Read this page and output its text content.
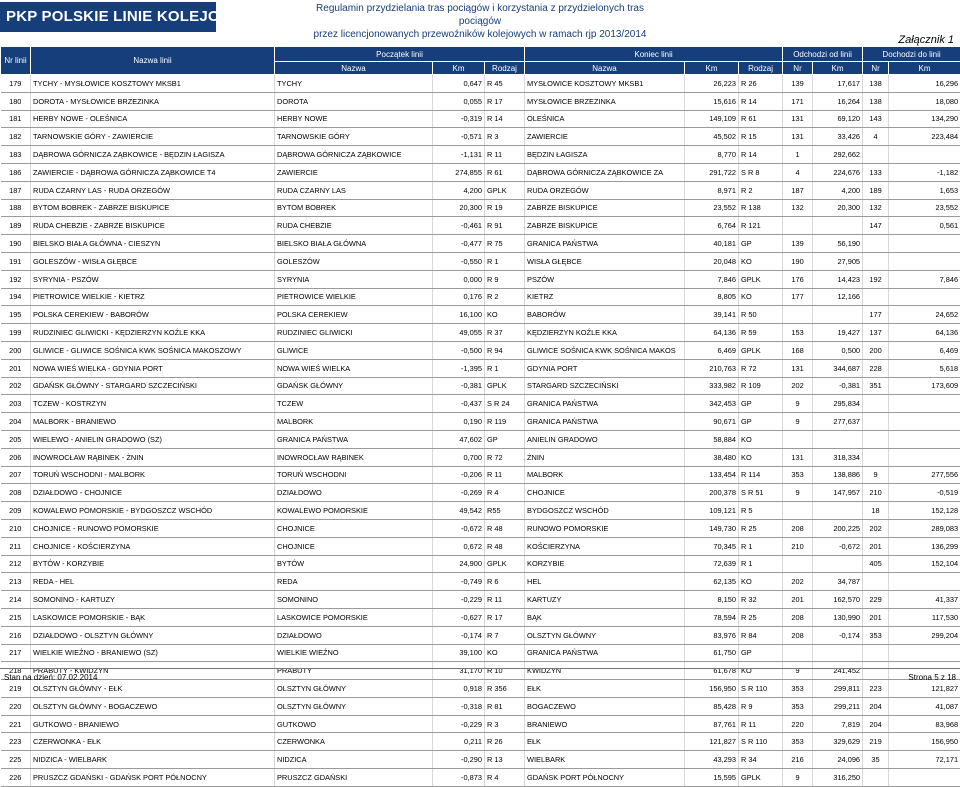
PKP POLSKIE LINIE KOLEJOWE S.A.	Regulamin przydzielania tras pociągów i korzystania z przydzielonych tras pociągów
przez licencjonowanych przewoźników kolejowych w ramach rjp 2013/2014	Załącznik 1
Nr linii	Nazwa linii	Początek linii			Koniec linii			Odchodzi od linii		Dochodzi do linii	
		Nazwa	Km	Rodzaj	Nazwa	Km	Rodzaj	Nr	Km	Nr	Km
179	TYCHY - MYSŁOWICE KOSZTOWY MKSB1	TYCHY	0,647	R 45	MYSŁOWICE KOSZTOWY MKSB1	26,223	R 26	139	17,617	138	16,296
180	DOROTA - MYSŁOWICE BRZEZINKA	DOROTA	0,055	R 17	MYSŁOWICE BRZEZINKA	15,616	R 14	171	16,264	138	18,080
181	HERBY NOWE - OLEŚNICA	HERBY NOWE	-0,319	R 14	OLEŚNICA	149,109	R 61	131	69,120	143	134,290
182	TARNOWSKIE GÓRY - ZAWIERCIE	TARNOWSKIE GÓRY	-0,571	R 3	ZAWIERCIE	45,502	R 15	131	33,426	4	223,484
183	DĄBROWA GÓRNICZA ZĄBKOWICE - BĘDZIN ŁAGISZA	DĄBROWA GÓRNICZA ZĄBKOWICE	-1,131	R 11	BĘDZIN ŁAGISZA	8,770	R 14	1	292,662		
186	ZAWIERCIE - DĄBROWA GÓRNICZA ZĄBKOWICE T4	ZAWIERCIE	274,855	R 61	DĄBROWA GÓRNICZA ZĄBKOWICE ZA	291,722	S R 8	4	224,676	133	-1,182
187	RUDA CZARNY LAS - RUDA ORZEGÓW	RUDA CZARNY LAS	4,200	GPLK	RUDA ORZEGÓW	8,971	R 2	187	4,200	189	1,653
188	BYTOM BOBREK - ZABRZE BISKUPICE	BYTOM BOBREK	20,300	R 19	ZABRZE BISKUPICE	23,552	R 138	132	20,300	132	23,552
189	RUDA CHEBZIE - ZABRZE BISKUPICE	RUDA CHEBZIE	-0,461	R 91	ZABRZE BISKUPICE	6,764	R 121			147	0,561
190	BIELSKO BIAŁA GŁÓWNA - CIESZYN	BIELSKO BIAŁA GŁÓWNA	-0,477	R 75	GRANICA PAŃSTWA	40,181	GP	139	56,190		
191	GOLESZÓW - WISŁA GŁĘBCE	GOLESZÓW	-0,550	R 1	WISŁA GŁĘBCE	20,048	KO	190	27,905		
192	SYRYNIA - PSZÓW	SYRYNIA	0,000	R 9	PSZÓW	7,846	GPLK	176	14,423	192	7,846
194	PIETROWICE WIELKIE - KIETRZ	PIETROWICE WIELKIE	0,176	R 2	KIETRZ	8,805	KO	177	12,166		
195	POLSKA CEREKIEW - BABORÓW	POLSKA CEREKIEW	16,100	KO	BABORÓW	39,141	R 50			177	24,652
199	RUDZINIEC GLIWICKI - KĘDZIERZYN KOŹLE KKA	RUDZINIEC GLIWICKI	49,055	R 37	KĘDZIERZYN KOŹLE KKA	64,136	R 59	153	19,427	137	64,136
200	GLIWICE - GLIWICE SOŚNICA KWK SOŚNICA MAKOSZOWY	GLIWICE	-0,500	R 94	GLIWICE SOŚNICA KWK SOŚNICA MAKOS	6,469	GPLK	168	0,500	200	6,469
201	NOWA WIEŚ WIELKA - GDYNIA PORT	NOWA WIEŚ WIELKA	-1,395	R 1	GDYNIA PORT	210,763	R 72	131	344,687	228	5,618
202	GDAŃSK GŁÓWNY - STARGARD SZCZECIŃSKI	GDAŃSK GŁÓWNY	-0,381	GPLK	STARGARD SZCZECIŃSKI	333,982	R 109	202	-0,381	351	173,609
203	TCZEW - KOSTRZYN	TCZEW	-0,437	S R 24	GRANICA PAŃSTWA	342,453	GP	9	295,834		
204	MALBORK - BRANIEWO	MALBORK	0,190	R 119	GRANICA PAŃSTWA	90,671	GP	9	277,637		
205	WIELEWO - ANIELIN GRADOWO (SZ)	GRANICA PAŃSTWA	47,602	GP	ANIELIN GRADOWO	58,884	KO				
206	INOWROCŁAW RĄBINEK - ŻNIN	INOWROCŁAW RĄBINEK	0,700	R 72	ŻNIN	38,480	KO	131	318,334		
207	TORUŃ WSCHODNI - MALBORK	TORUŃ WSCHODNI	-0,206	R 11	MALBORK	133,454	R 114	353	138,886	9	277,556
208	DZIAŁDOWO - CHOJNICE	DZIAŁDOWO	-0,269	R 4	CHOJNICE	200,378	S R 51	9	147,957	210	-0,519
209	KOWALEWO POMORSKIE - BYDGOSZCZ WSCHÓD	KOWALEWO POMORSKIE	49,542	R55	BYDGOSZCZ WSCHÓD	109,121	R 5			18	152,128
210	CHOJNICE - RUNOWO POMORSKIE	CHOJNICE	-0,672	R 48	RUNOWO POMORSKIE	149,730	R 25	208	200,225	202	289,083
211	CHOJNICE - KOŚCIERZYNA	CHOJNICE	0,672	R 48	KOŚCIERZYNA	70,345	R 1	210	-0,672	201	136,299
212	BYTÓW - KORZYBIE	BYTÓW	24,900	GPLK	KORZYBIE	72,639	R 1			405	152,104
213	REDA - HEL	REDA	-0,749	R 6	HEL	62,135	KO	202	34,787		
214	SOMONINO - KARTUZY	SOMONINO	-0,229	R 11	KARTUZY	8,150	R 32	201	162,570	229	41,337
215	LASKOWICE POMORSKIE - BĄK	LASKOWICE POMORSKIE	-0,627	R 17	BĄK	78,594	R 25	208	130,990	201	117,530
216	DZIAŁDOWO - OLSZTYN GŁÓWNY	DZIAŁDOWO	-0,174	R 7	OLSZTYN GŁÓWNY	83,976	R 84	208	-0,174	353	299,204
217	WIELKIE WIEŹNO - BRANIEWO (SZ)	WIELKIE WIEŹNO	39,100	KO	GRANICA PAŃSTWA	61,750	GP				
218	PRABUTY - KWIDZYN	PRABUTY	31,170	R 10	KWIDZYN	61,678	KO	9	241,452		
219	OLSZTYN GŁÓWNY - EŁK	OLSZTYN GŁÓWNY	0,918	R 356	EŁK	156,950	S R 110	353	299,811	223	121,827
220	OLSZTYN GŁÓWNY - BOGACZEWO	OLSZTYN GŁÓWNY	-0,318	R 81	BOGACZEWO	85,428	R 9	353	299,211	204	41,087
221	GUTKOWO - BRANIEWO	GUTKOWO	-0,229	R 3	BRANIEWO	87,761	R 11	220	7,819	204	83,968
223	CZERWONKA - EŁK	CZERWONKA	0,211	R 26	EŁK	121,827	S R 110	353	329,629	219	156,950
225	NIDZICA - WIELBARK	NIDZICA	-0,290	R 13	WIELBARK	43,293	R 34	216	24,096	35	72,171
226	PRUSZCZ GDAŃSKI - GDAŃSK PORT PÓŁNOCNY	PRUSZCZ GDAŃSKI	-0,873	R 4	GDAŃSK PORT PÓŁNOCNY	15,595	GPLK	9	316,250		
Stan na dzień: 07.02.2014	Strona 5 z 18
